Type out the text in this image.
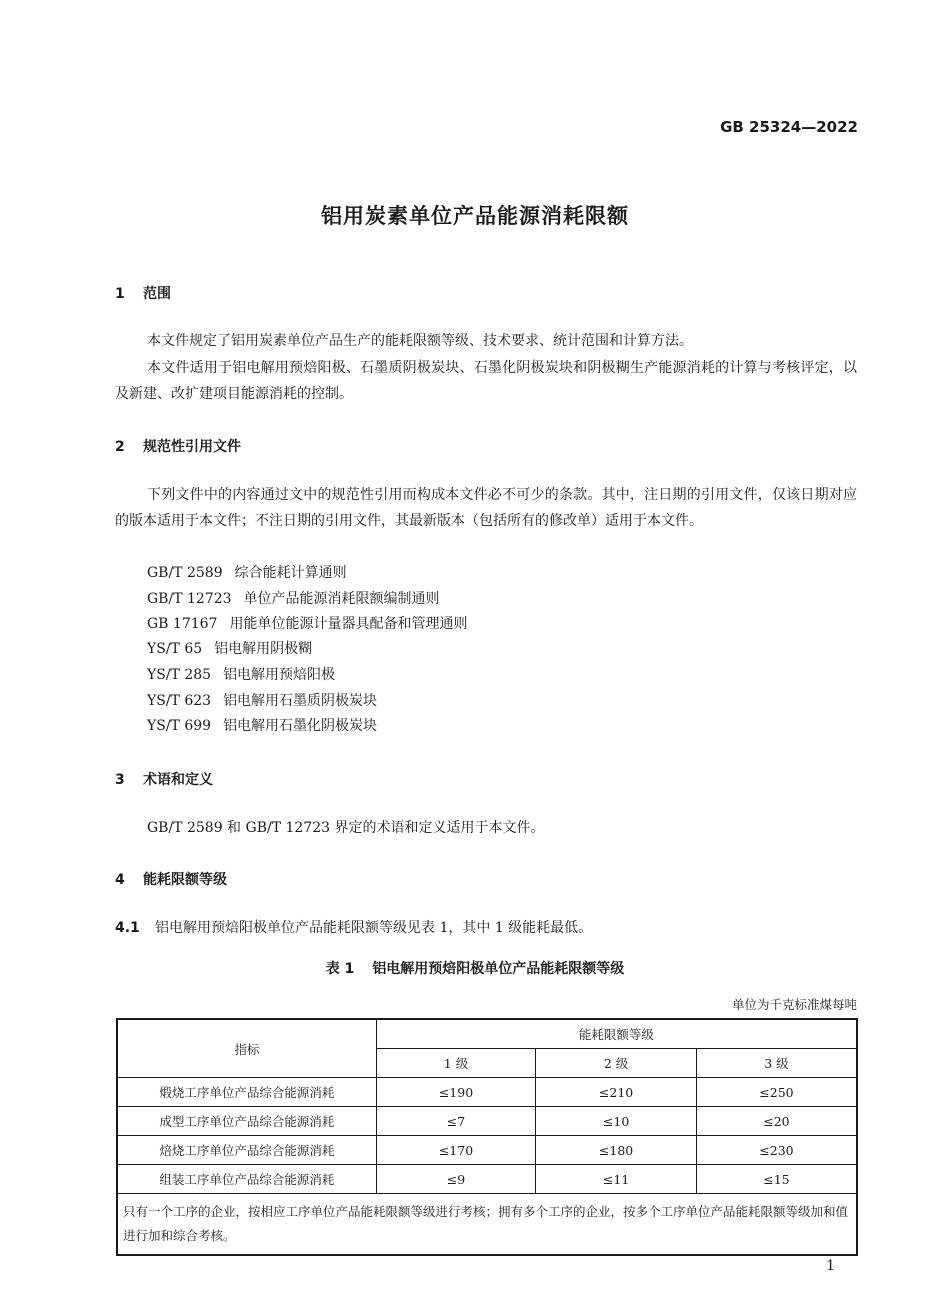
GB 25324—2022
铝用炭素单位产品能源消耗限额
1 范围

本文件规定了铝用炭素单位产品生产的能耗限额等级、技术要求、统计范围和计算方法。

本文件适用于铝电解用预焙阳极、石墨质阴极炭块、石墨化阴极炭块和阴极糊生产能源消耗的计算与考核评定，以及新建、改扩建项目能源消耗的控制。

2 规范性引用文件

下列文件中的内容通过文中的规范性引用而构成本文件必不可少的条款。其中，注日期的引用文件，仅该日期对应的版本适用于本文件；不注日期的引用文件，其最新版本（包括所有的修改单）适用于本文件。

GB/T 2589 综合能耗计算通则
GB/T 12723 单位产品能源消耗限额编制通则
GB 17167 用能单位能源计量器具配备和管理通则
YS/T 65 铝电解用阴极糊
YS/T 285 铝电解用预焙阳极
YS/T 623 铝电解用石墨质阴极炭块
YS/T 699 铝电解用石墨化阴极炭块
3 术语和定义

GB/T 2589 和 GB/T 12723 界定的术语和定义适用于本文件。

4 能耗限额等级
4.1 铝电解用预焙阳极单位产品能耗限额等级见表 1，其中 1 级能耗最低。
表 1 铝电解用预焙阳极单位产品能耗限额等级
单位为千克标准煤每吨
指标	能耗限额等级		
	1 级	2 级	3 级
煅烧工序单位产品综合能源消耗	≤190	≤210	≤250
成型工序单位产品综合能源消耗	≤7	≤10	≤20
焙烧工序单位产品综合能源消耗	≤170	≤180	≤230
组装工序单位产品综合能源消耗	≤9	≤11	≤15
只有一个工序的企业，按相应工序单位产品能耗限额等级进行考核；拥有多个工序的企业，按多个工序单位产品能耗限额等级加和值进行加和综合考核。			
1
